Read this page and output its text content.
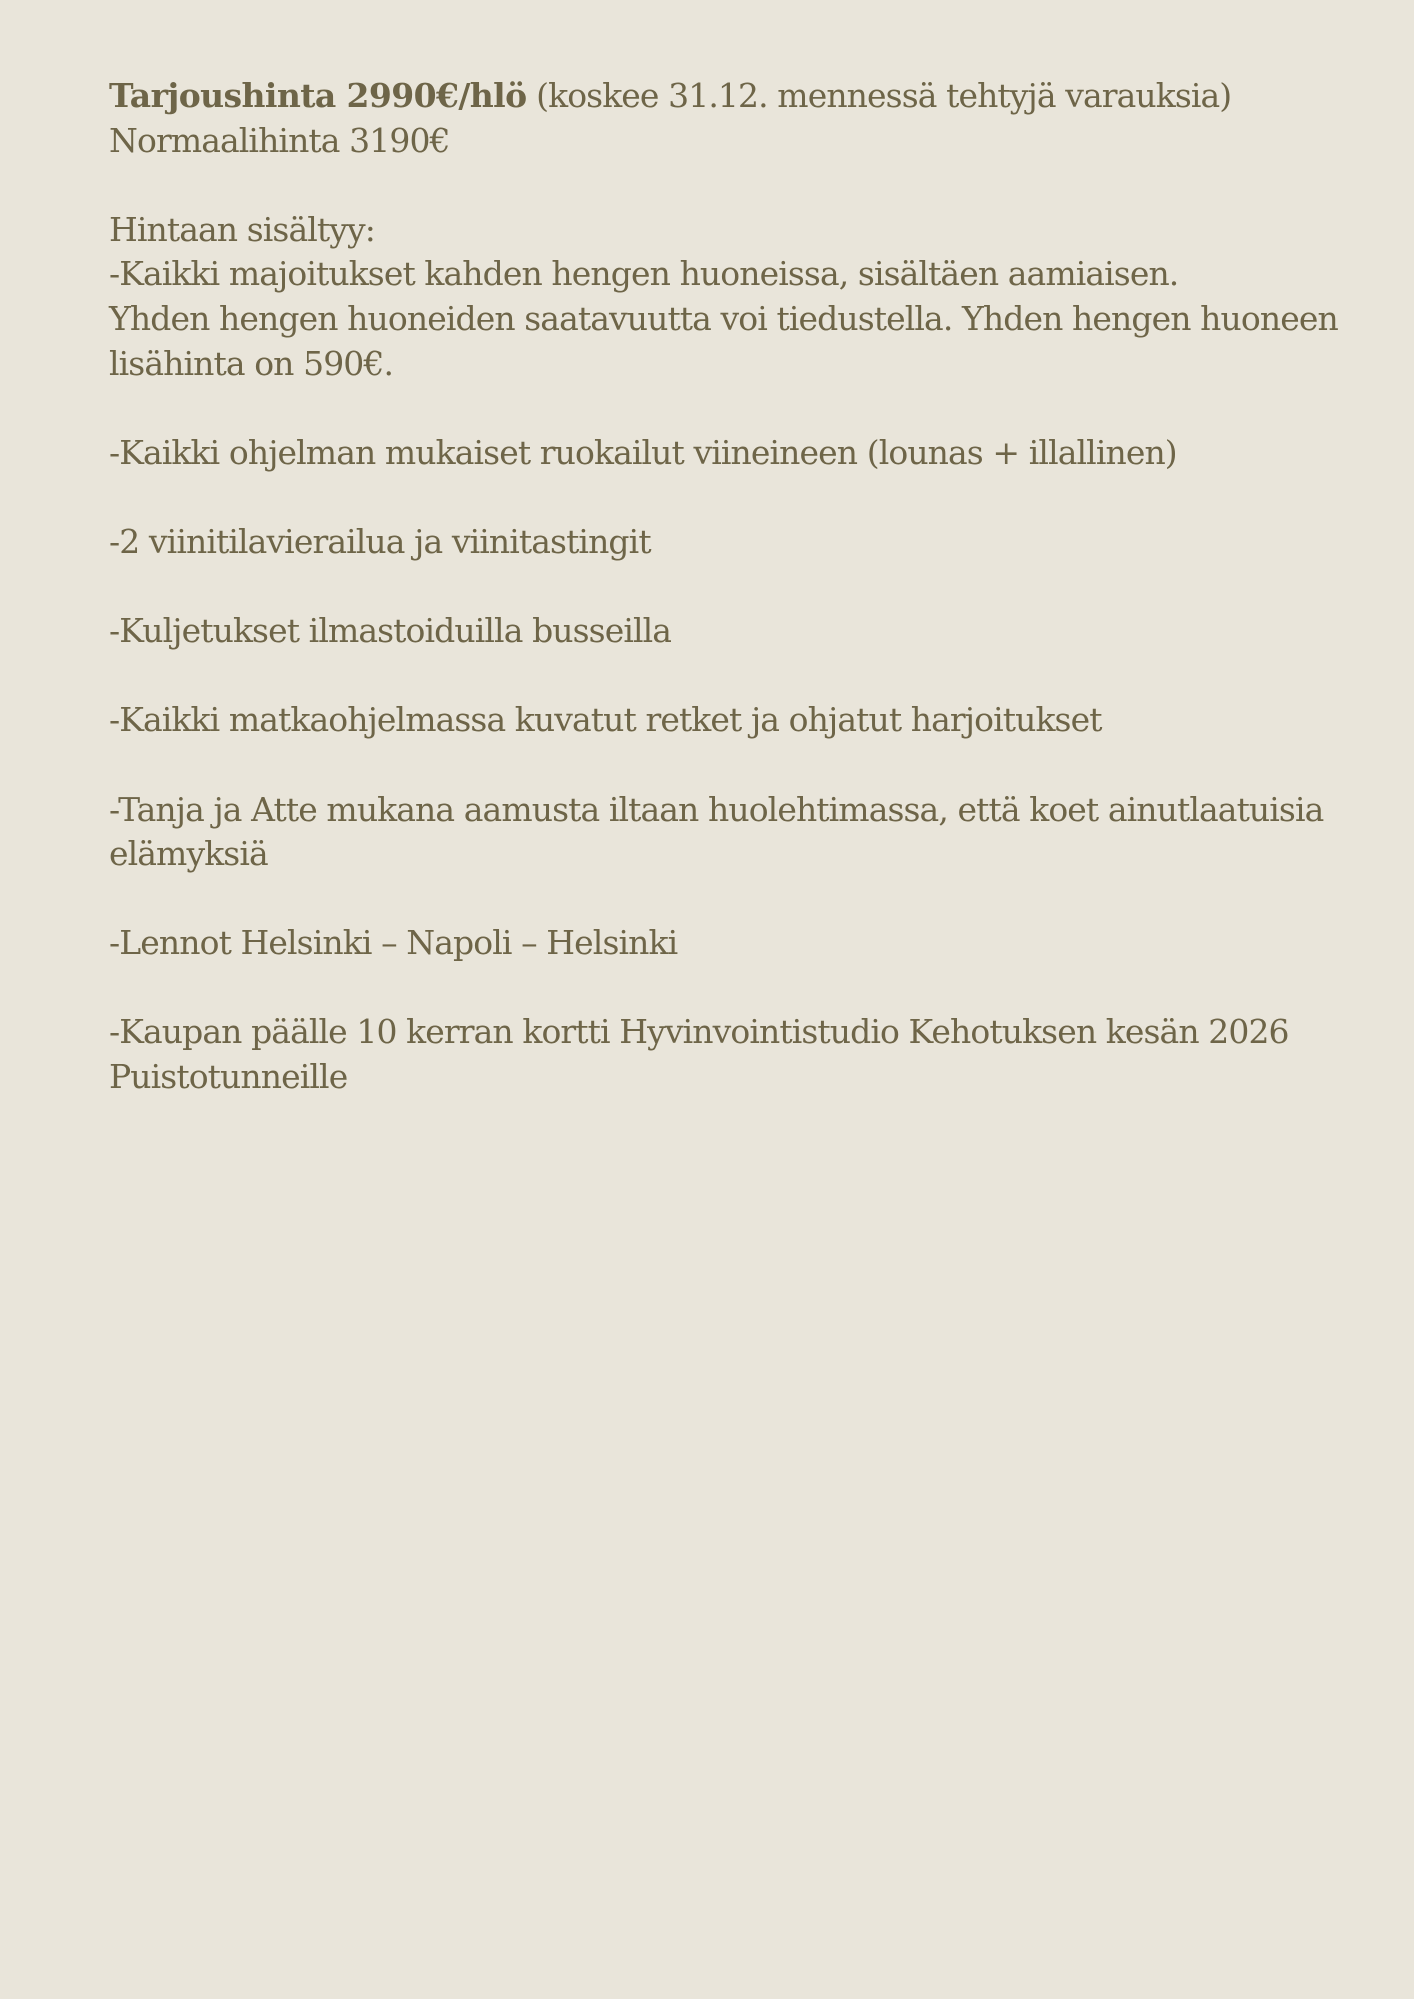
Tarjoushinta 2990€/hlö (koskee 31.12. mennessä tehtyjä varauksia)

Normaalihinta 3190€

Hintaan sisältyy:

-Kaikki majoitukset kahden hengen huoneissa, sisältäen aamiaisen.

Yhden hengen huoneiden saatavuutta voi tiedustella. Yhden hengen huoneen

lisähinta on 590€.

-Kaikki ohjelman mukaiset ruokailut viineineen (lounas + illallinen)

-2 viinitilavierailua ja viinitastingit

-Kuljetukset ilmastoiduilla busseilla

-Kaikki matkaohjelmassa kuvatut retket ja ohjatut harjoitukset

-Tanja ja Atte mukana aamusta iltaan huolehtimassa, että koet ainutlaatuisia

elämyksiä

-Lennot Helsinki – Napoli – Helsinki

-Kaupan päälle 10 kerran kortti Hyvinvointistudio Kehotuksen kesän 2026

Puistotunneille
